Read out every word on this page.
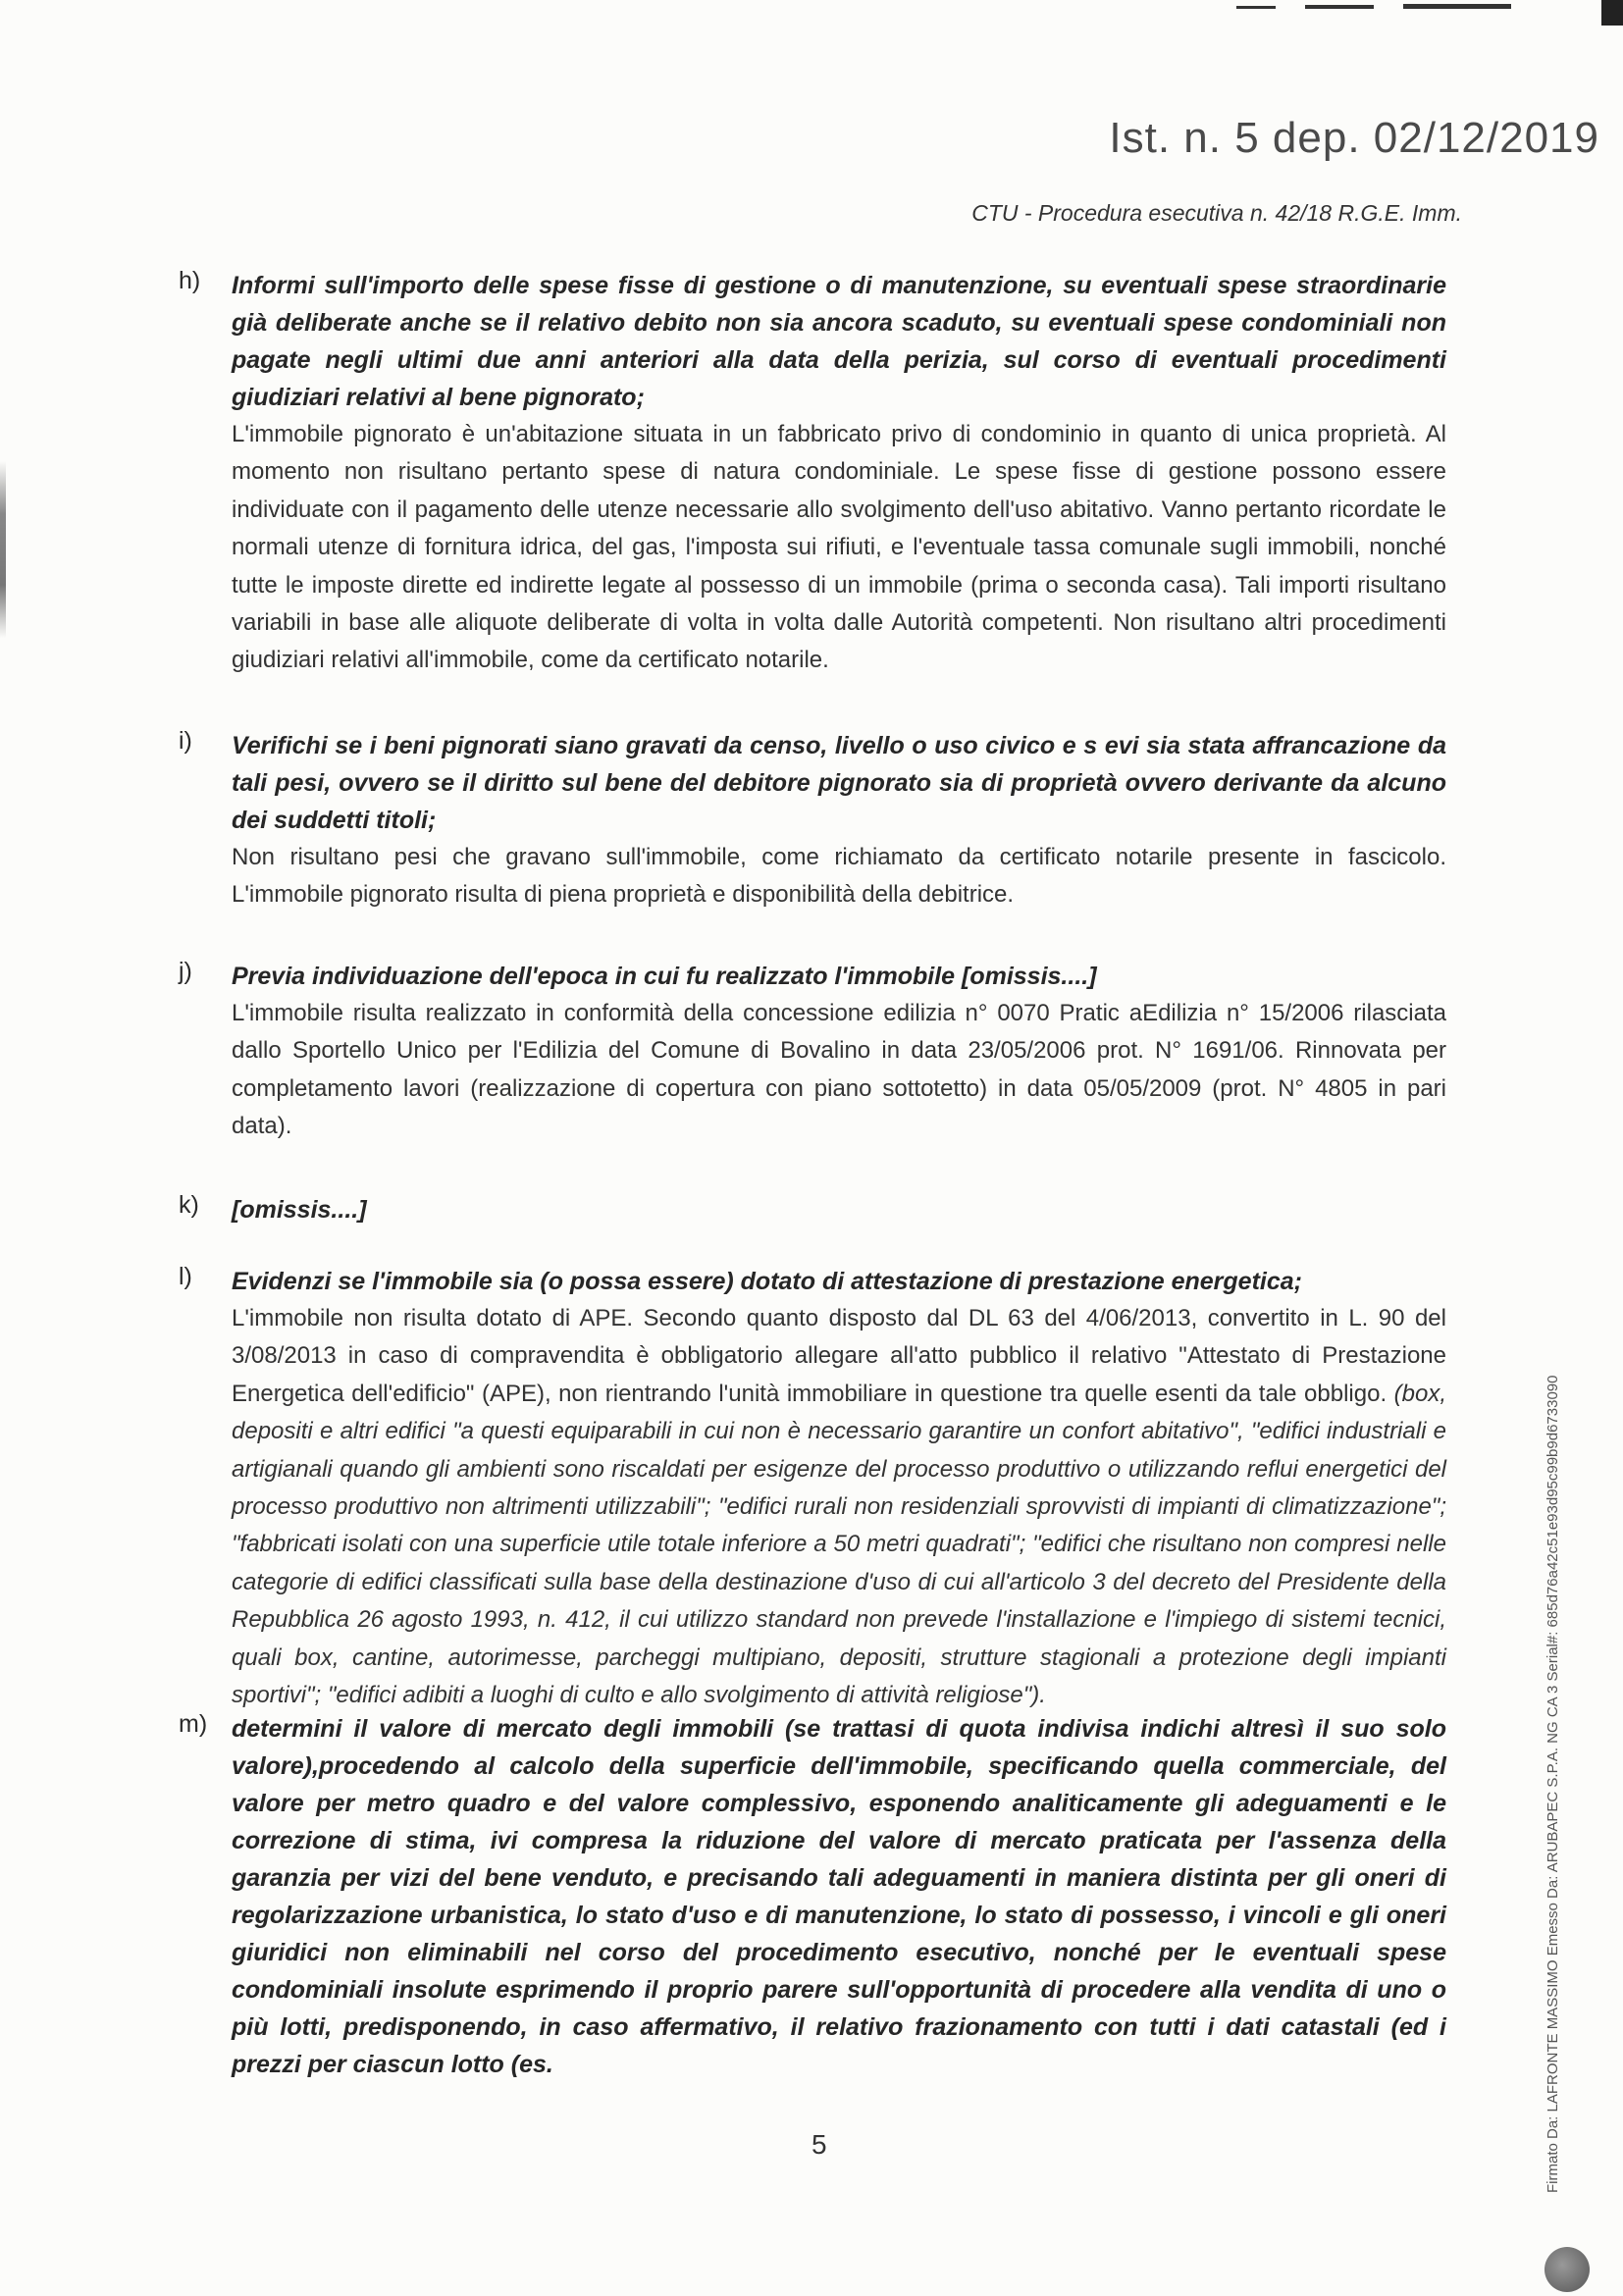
Ist. n. 5 dep. 02/12/2019
CTU - Procedura esecutiva n. 42/18 R.G.E. Imm.
h)	Informi sull'importo delle spese fisse di gestione o di manutenzione, su eventuali spese straordinarie già deliberate anche se il relativo debito non sia ancora scaduto, su eventuali spese condominiali non pagate negli ultimi due anni anteriori alla data della perizia, sul corso di eventuali procedimenti giudiziari relativi al bene pignorato;

L'immobile pignorato è un'abitazione situata in un fabbricato privo di condominio in quanto di unica proprietà. Al momento non risultano pertanto spese di natura condominiale. Le spese fisse di gestione possono essere individuate con il pagamento delle utenze necessarie allo svolgimento dell'uso abitativo. Vanno pertanto ricordate le normali utenze di fornitura idrica, del gas, l'imposta sui rifiuti, e l'eventuale tassa comunale sugli immobili, nonché tutte le imposte dirette ed indirette legate al possesso di un immobile (prima o seconda casa). Tali importi risultano variabili in base alle aliquote deliberate di volta in volta dalle Autorità competenti. Non risultano altri procedimenti giudiziari relativi all'immobile, come da certificato notarile.

i)	Verifichi se i beni pignorati siano gravati da censo, livello o uso civico e s evi sia stata affrancazione da tali pesi, ovvero se il diritto sul bene del debitore pignorato sia di proprietà ovvero derivante da alcuno dei suddetti titoli;

Non risultano pesi che gravano sull'immobile, come richiamato da certificato notarile presente in fascicolo. L'immobile pignorato risulta di piena proprietà e disponibilità della debitrice.

j)	Previa individuazione dell'epoca in cui fu realizzato l'immobile [omissis....]

L'immobile risulta realizzato in conformità della concessione edilizia n° 0070 Pratic aEdilizia n° 15/2006 rilasciata dallo Sportello Unico per l'Edilizia del Comune di Bovalino in data 23/05/2006 prot. N° 1691/06. Rinnovata per completamento lavori (realizzazione di copertura con piano sottotetto) in data 05/05/2009 (prot. N° 4805 in pari data).

k)	[omissis....]

l)	Evidenzi se l'immobile sia (o possa essere) dotato di attestazione di prestazione energetica;

L'immobile non risulta dotato di APE. Secondo quanto disposto dal DL 63 del 4/06/2013, convertito in L. 90 del 3/08/2013 in caso di compravendita è obbligatorio allegare all'atto pubblico il relativo "Attestato di Prestazione Energetica dell'edificio" (APE), non rientrando l'unità immobiliare in questione tra quelle esenti da tale obbligo. (box, depositi e altri edifici "a questi equiparabili in cui non è necessario garantire un confort abitativo", "edifici industriali e artigianali quando gli ambienti sono riscaldati per esigenze del processo produttivo o utilizzando reflui energetici del processo produttivo non altrimenti utilizzabili"; "edifici rurali non residenziali sprovvisti di impianti di climatizzazione"; "fabbricati isolati con una superficie utile totale inferiore a 50 metri quadrati"; "edifici che risultano non compresi nelle categorie di edifici classificati sulla base della destinazione d'uso di cui all'articolo 3 del decreto del Presidente della Repubblica 26 agosto 1993, n. 412, il cui utilizzo standard non prevede l'installazione e l'impiego di sistemi tecnici, quali box, cantine, autorimesse, parcheggi multipiano, depositi, strutture stagionali a protezione degli impianti sportivi"; "edifici adibiti a luoghi di culto e allo svolgimento di attività religiose").

m) determini il valore di mercato degli immobili (se trattasi di quota indivisa indichi altresì il suo solo valore),procedendo al calcolo della superficie dell'immobile, specificando quella commerciale, del valore per metro quadro e del valore complessivo, esponendo analiticamente gli adeguamenti e le correzione di stima, ivi compresa la riduzione del valore di mercato praticata per l'assenza della garanzia per vizi del bene venduto, e precisando tali adeguamenti in maniera distinta per gli oneri di regolarizzazione urbanistica, lo stato d'uso e di manutenzione, lo stato di possesso, i vincoli e gli oneri giuridici non eliminabili nel corso del procedimento esecutivo, nonché per le eventuali spese condominiali insolute esprimendo il proprio parere sull'opportunità di procedere alla vendita di uno o più lotti, predisponendo, in caso affermativo, il relativo frazionamento con tutti i dati catastali (ed i prezzi per ciascun lotto (es.

5	Firmato Da: LAFRONTE MASSIMO Emesso Da: ARUBAPEC S.P.A. NG CA 3 Serial#: 685d76a42c51e93d95c99b9d6733090
